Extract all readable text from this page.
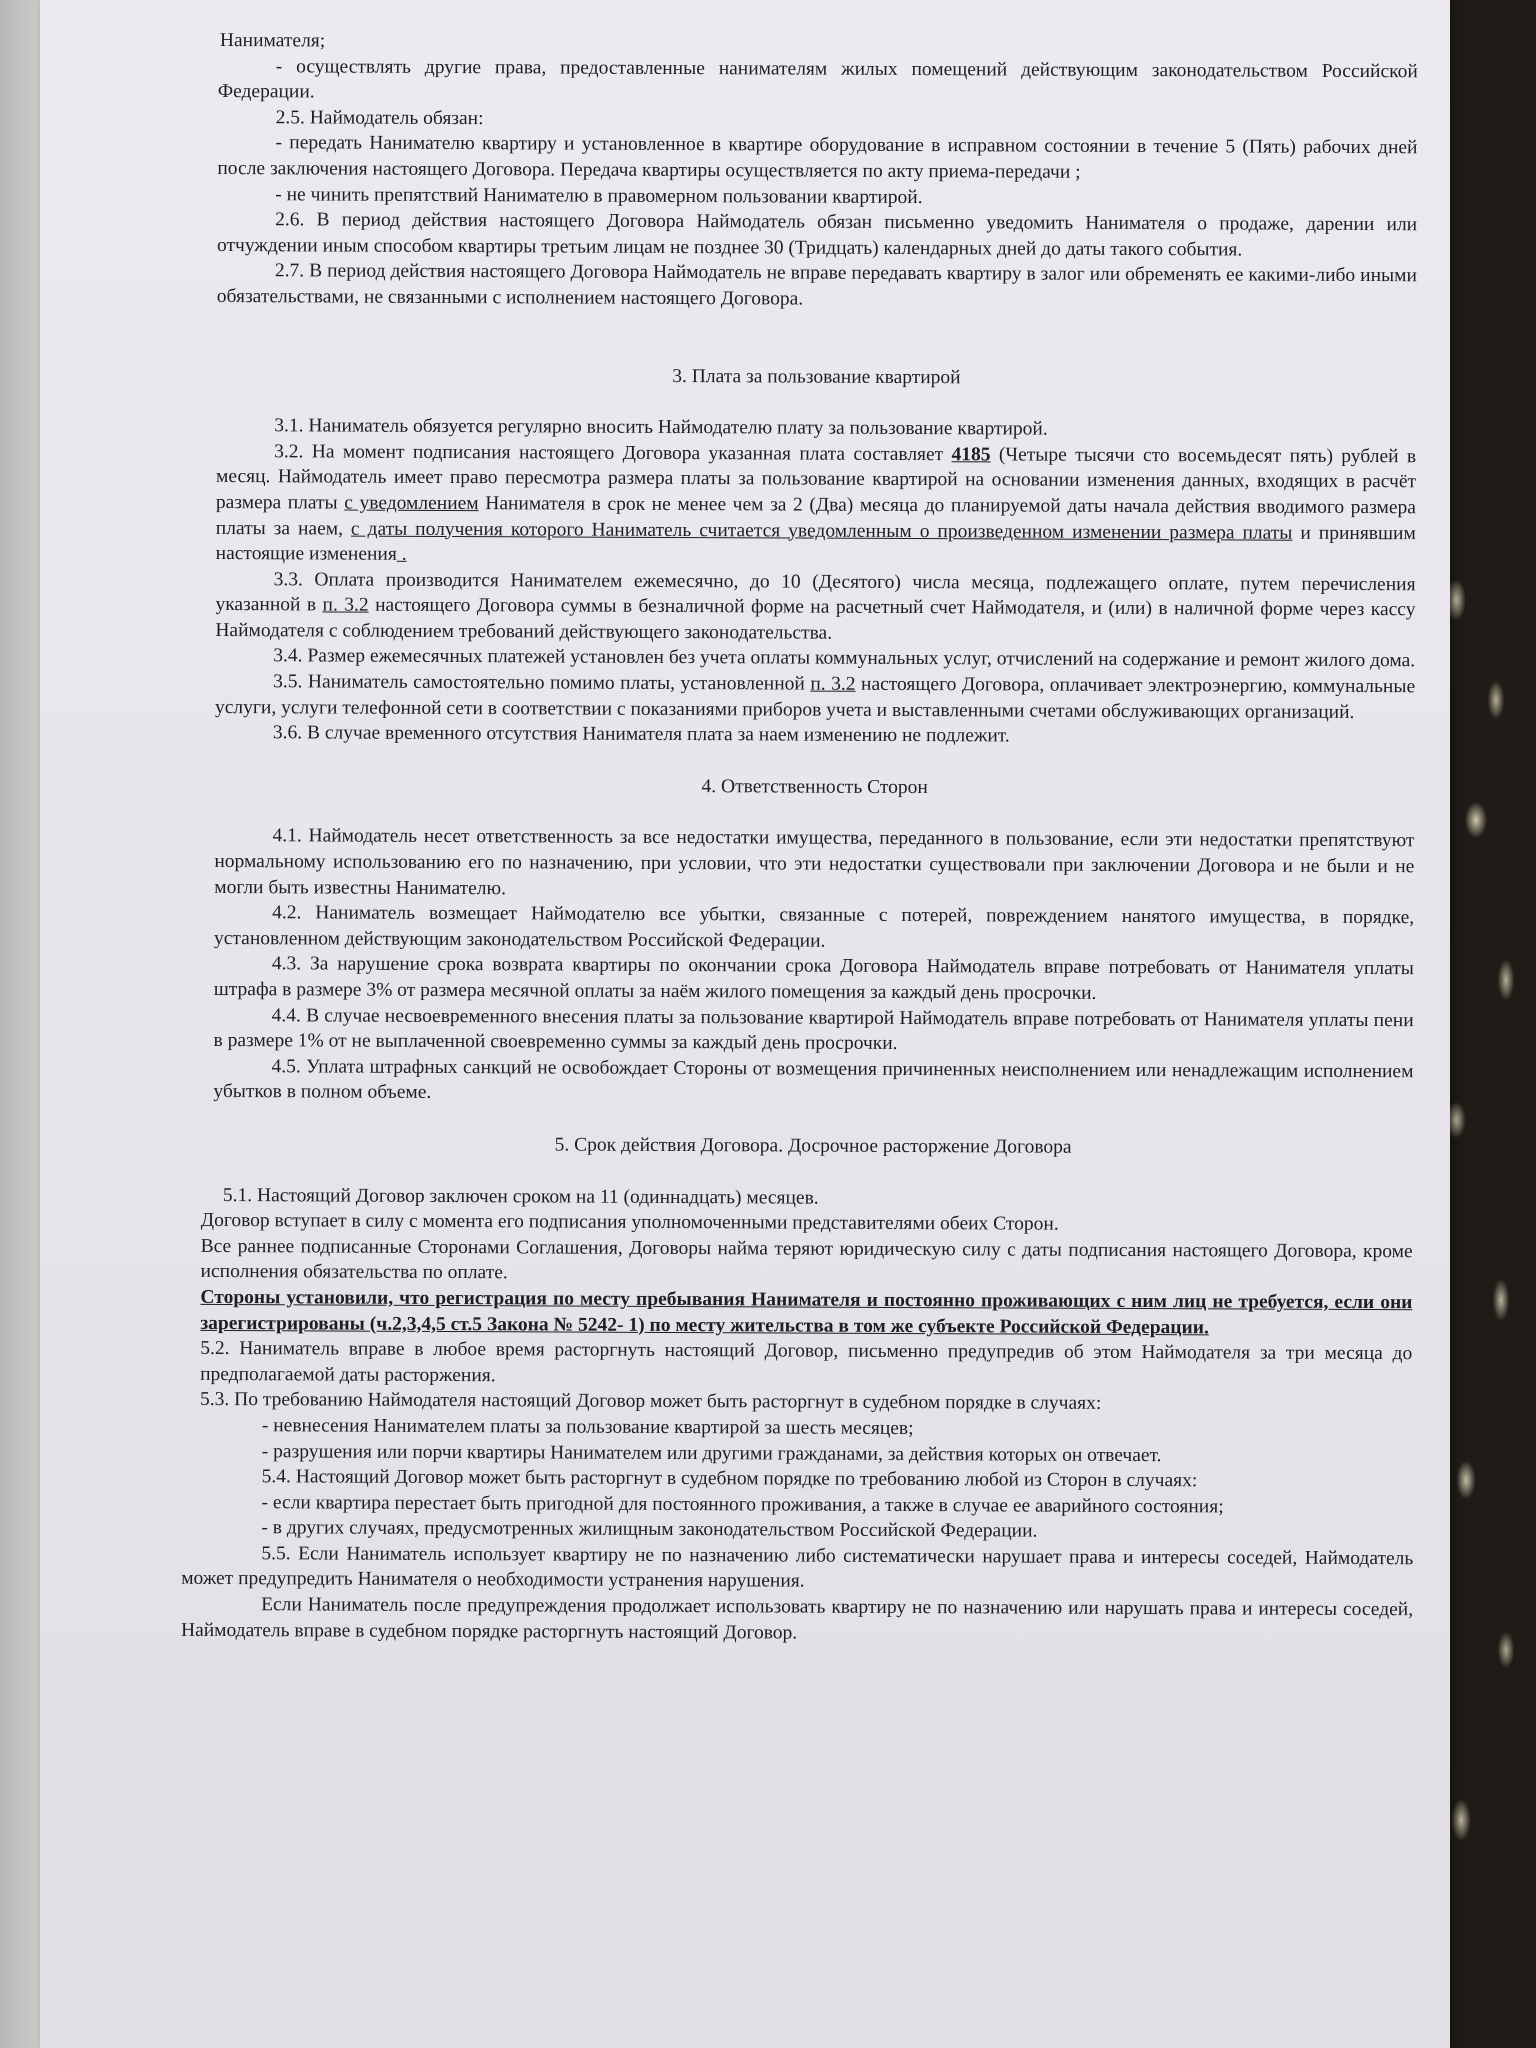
Нанимателя;

- осуществлять другие права, предоставленные нанимателям жилых помещений действующим законодательством Российской Федерации.

2.5. Наймодатель обязан:

- передать Нанимателю квартиру и установленное в квартире оборудование в исправном состоянии в течение 5 (Пять) рабочих дней после заключения настоящего Договора. Передача квартиры осуществляется по акту приема-передачи ;

- не чинить препятствий Нанимателю в правомерном пользовании квартирой.

2.6. В период действия настоящего Договора Наймодатель обязан письменно уведомить Нанимателя о продаже, дарении или отчуждении иным способом квартиры третьим лицам не позднее 30 (Тридцать) календарных дней до даты такого события.

2.7. В период действия настоящего Договора Наймодатель не вправе передавать квартиру в залог или обременять ее какими-либо иными обязательствами, не связанными с исполнением настоящего Договора.

3. Плата за пользование квартирой

3.1. Наниматель обязуется регулярно вносить Наймодателю плату за пользование квартирой.

3.2. На момент подписания настоящего Договора указанная плата составляет 4185 (Четыре тысячи сто восемьдесят пять) рублей в месяц. Наймодатель имеет право пересмотра размера платы за пользование квартирой на основании изменения данных, входящих в расчёт размера платы с уведомлением Нанимателя в срок не менее чем за 2 (Два) месяца до планируемой даты начала действия вводимого размера платы за наем, с даты получения которого Наниматель считается уведомленным о произведенном изменении размера платы и принявшим настоящие изменения .

3.3. Оплата производится Нанимателем ежемесячно, до 10 (Десятого) числа месяца, подлежащего оплате, путем перечисления указанной в п. 3.2 настоящего Договора суммы в безналичной форме на расчетный счет Наймодателя, и (или) в наличной форме через кассу Наймодателя с соблюдением требований действующего законодательства.

3.4. Размер ежемесячных платежей установлен без учета оплаты коммунальных услуг, отчислений на содержание и ремонт жилого дома.

3.5. Наниматель самостоятельно помимо платы, установленной п. 3.2 настоящего Договора, оплачивает электроэнергию, коммунальные услуги, услуги телефонной сети в соответствии с показаниями приборов учета и выставленными счетами обслуживающих организаций.

3.6. В случае временного отсутствия Нанимателя плата за наем изменению не подлежит.

4. Ответственность Сторон

4.1. Наймодатель несет ответственность за все недостатки имущества, переданного в пользование, если эти недостатки препятствуют нормальному использованию его по назначению, при условии, что эти недостатки существовали при заключении Договора и не были и не могли быть известны Нанимателю.

4.2. Наниматель возмещает Наймодателю все убытки, связанные с потерей, повреждением нанятого имущества, в порядке, установленном действующим законодательством Российской Федерации.

4.3. За нарушение срока возврата квартиры по окончании срока Договора Наймодатель вправе потребовать от Нанимателя уплаты штрафа в размере 3% от размера месячной оплаты за наём жилого помещения за каждый день просрочки.

4.4. В случае несвоевременного внесения платы за пользование квартирой Наймодатель вправе потребовать от Нанимателя уплаты пени в размере 1% от не выплаченной своевременно суммы за каждый день просрочки.

4.5. Уплата штрафных санкций не освобождает Стороны от возмещения причиненных неисполнением или ненадлежащим исполнением убытков в полном объеме.

5. Срок действия Договора. Досрочное расторжение Договора

5.1. Настоящий Договор заключен сроком на 11 (одиннадцать) месяцев.

Договор вступает в силу с момента его подписания уполномоченными представителями обеих Сторон.

Все раннее подписанные Сторонами Соглашения, Договоры найма теряют юридическую силу с даты подписания настоящего Договора, кроме исполнения обязательства по оплате.

Стороны установили, что регистрация по месту пребывания Нанимателя и постоянно проживающих с ним лиц не требуется, если они зарегистрированы (ч.2,3,4,5 ст.5 Закона № 5242- 1) по месту жительства в том же субъекте Российской Федерации.

5.2. Наниматель вправе в любое время расторгнуть настоящий Договор, письменно предупредив об этом Наймодателя за три месяца до предполагаемой даты расторжения.

5.3. По требованию Наймодателя настоящий Договор может быть расторгнут в судебном порядке в случаях:

- невнесения Нанимателем платы за пользование квартирой за шесть месяцев;

- разрушения или порчи квартиры Нанимателем или другими гражданами, за действия которых он отвечает.

5.4. Настоящий Договор может быть расторгнут в судебном порядке по требованию любой из Сторон в случаях:

- если квартира перестает быть пригодной для постоянного проживания, а также в случае ее аварийного состояния;

- в других случаях, предусмотренных жилищным законодательством Российской Федерации.

5.5. Если Наниматель использует квартиру не по назначению либо систематически нарушает права и интересы соседей, Наймодатель может предупредить Нанимателя о необходимости устранения нарушения.

Если Наниматель после предупреждения продолжает использовать квартиру не по назначению или нарушать права и интересы соседей, Наймодатель вправе в судебном порядке расторгнуть настоящий Договор.
